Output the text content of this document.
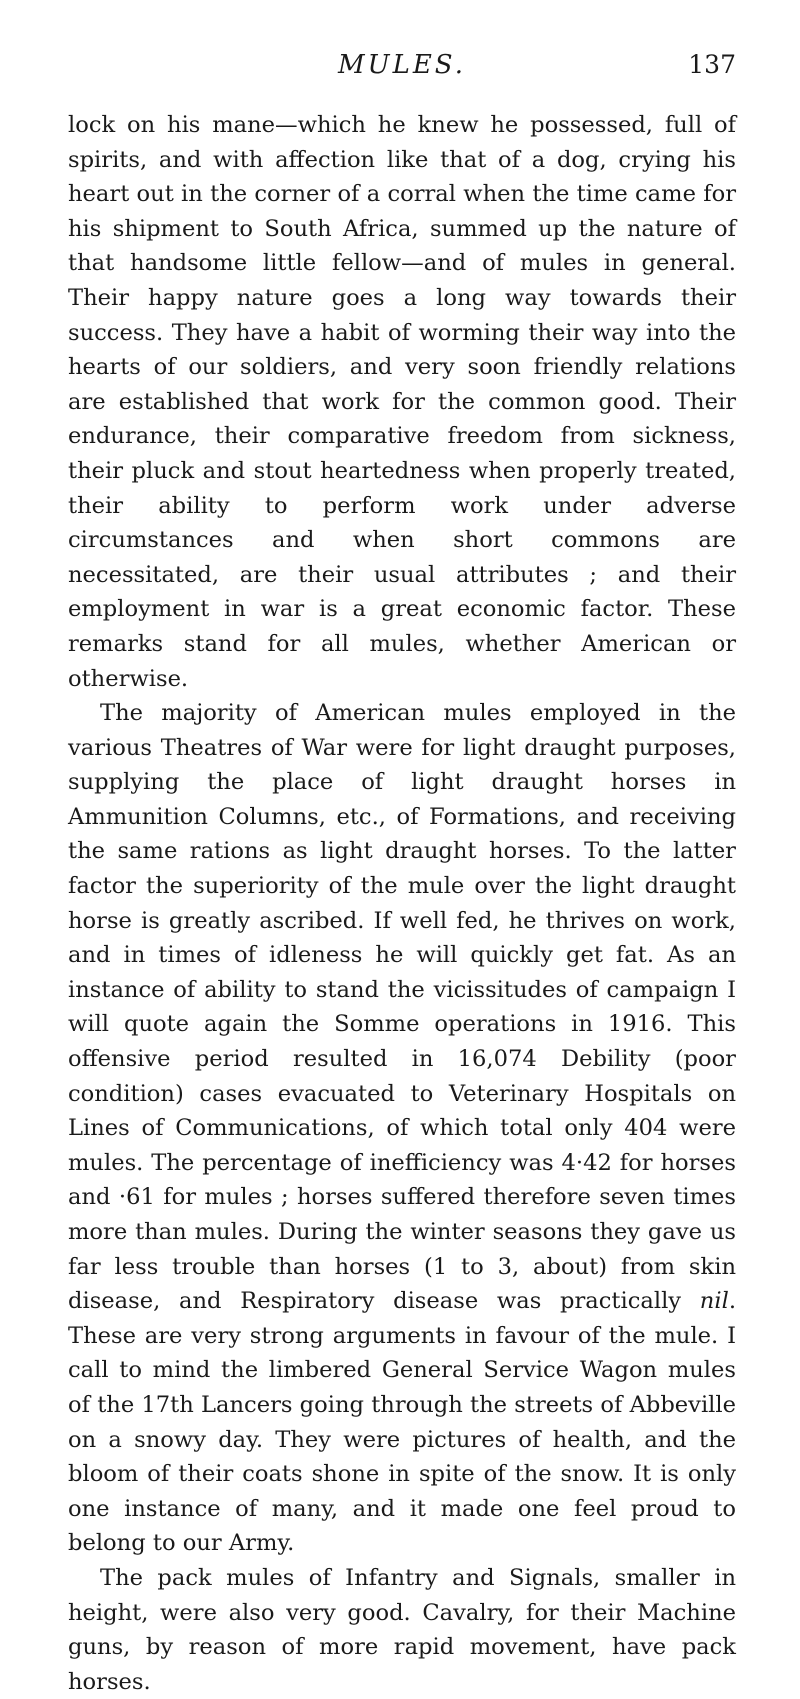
MULES.	137

lock on his mane—which he knew he possessed, full of spirits, and with affection like that of a dog, crying his heart out in the corner of a corral when the time came for his shipment to South Africa, summed up the nature of that handsome little fellow—and of mules in general. Their happy nature goes a long way towards their success. They have a habit of worming their way into the hearts of our soldiers, and very soon friendly relations are established that work for the common good. Their endurance, their comparative freedom from sickness, their pluck and stout heartedness when properly treated, their ability to perform work under adverse circumstances and when short commons are necessitated, are their usual attributes ; and their employment in war is a great economic factor. These remarks stand for all mules, whether American or otherwise.

The majority of American mules employed in the various Theatres of War were for light draught purposes, supplying the place of light draught horses in Ammunition Columns, etc., of Formations, and receiving the same rations as light draught horses. To the latter factor the superiority of the mule over the light draught horse is greatly ascribed. If well fed, he thrives on work, and in times of idleness he will quickly get fat. As an instance of ability to stand the vicissitudes of campaign I will quote again the Somme operations in 1916. This offensive period resulted in 16,074 Debility (poor condition) cases evacuated to Veterinary Hospitals on Lines of Communications, of which total only 404 were mules. The percentage of inefficiency was 4·42 for horses and ·61 for mules ; horses suffered therefore seven times more than mules. During the winter seasons they gave us far less trouble than horses (1 to 3, about) from skin disease, and Respiratory disease was practically nil. These are very strong arguments in favour of the mule. I call to mind the limbered General Service Wagon mules of the 17th Lancers going through the streets of Abbeville on a snowy day. They were pictures of health, and the bloom of their coats shone in spite of the snow. It is only one instance of many, and it made one feel proud to belong to our Army.

The pack mules of Infantry and Signals, smaller in height, were also very good. Cavalry, for their Machine guns, by reason of more rapid movement, have pack horses.
